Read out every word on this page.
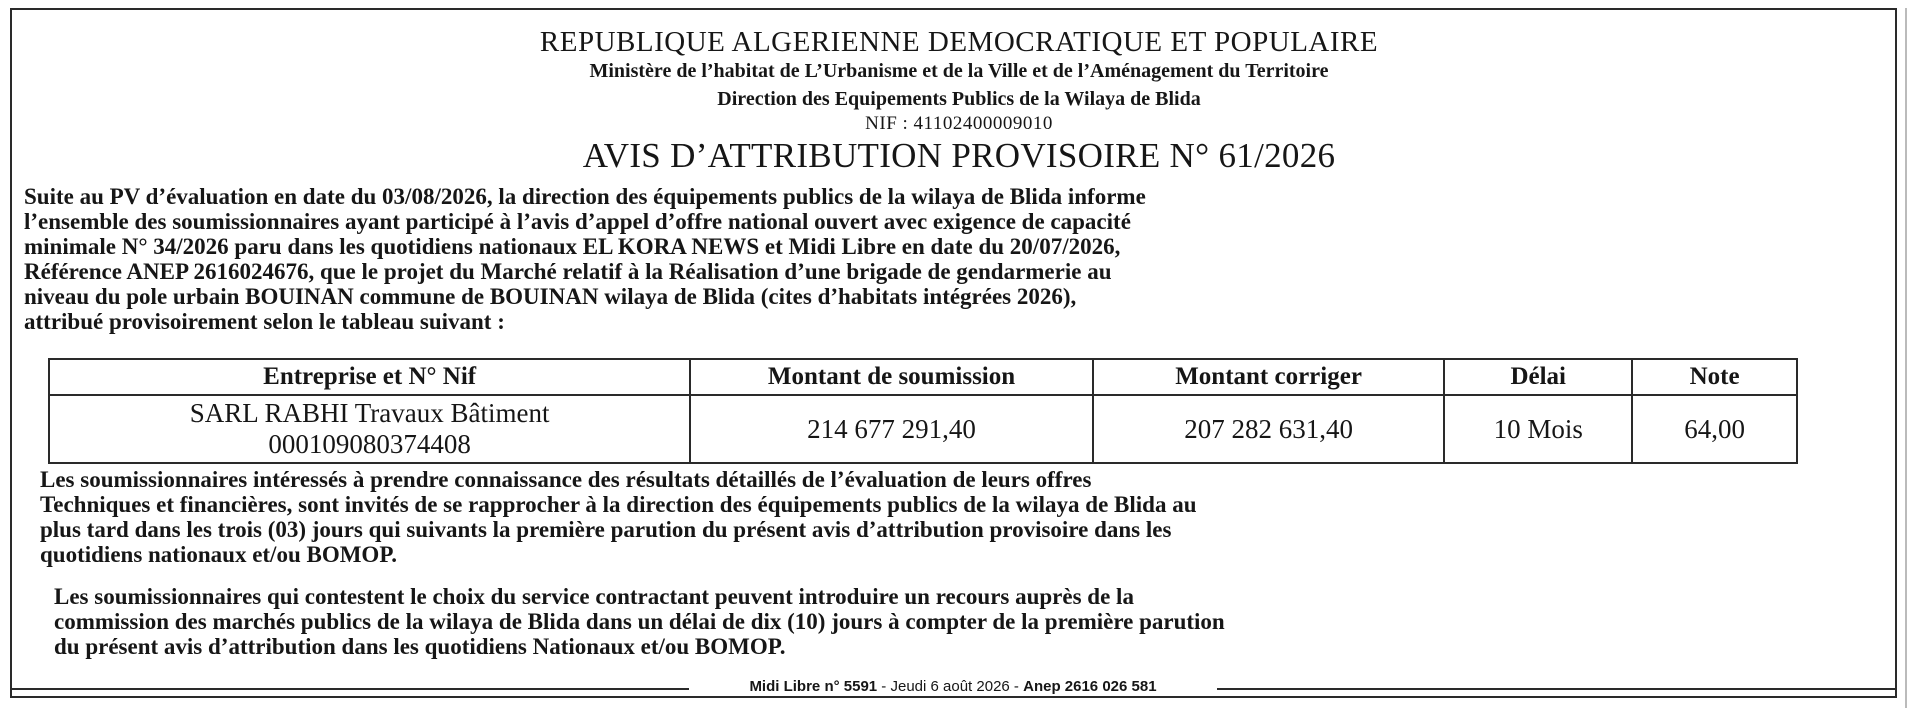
REPUBLIQUE ALGERIENNE DEMOCRATIQUE ET POPULAIRE
Ministère de l’habitat de L’Urbanisme et de la Ville et de l’Aménagement du Territoire
Direction des Equipements Publics de la Wilaya de Blida
NIF : 41102400009010
AVIS D’ATTRIBUTION PROVISOIRE N° 61/2026
Suite au PV d’évaluation en date du 03/08/2026, la direction des équipements publics de la wilaya de Blida informe
l’ensemble des soumissionnaires ayant participé à l’avis d’appel d’offre national ouvert avec exigence de capacité
minimale N° 34/2026 paru dans les quotidiens nationaux EL KORA NEWS et Midi Libre en date du 20/07/2026,
Référence ANEP 2616024676, que le projet du Marché relatif à la Réalisation d’une brigade de gendarmerie au
niveau du pole urbain BOUINAN commune de BOUINAN wilaya de Blida (cites d’habitats intégrées 2026),
attribué provisoirement selon le tableau suivant :
Entreprise et N° Nif	Montant de soumission	Montant corriger	Délai	Note

SARL RABHI Travaux Bâtiment
000109080374408	214 677 291,40	207 282 631,40	10 Mois	64,00
Les soumissionnaires intéressés à prendre connaissance des résultats détaillés de l’évaluation de leurs offres
Techniques et financières, sont invités de se rapprocher à la direction des équipements publics de la wilaya de Blida au
plus tard dans les trois (03) jours qui suivants la première parution du présent avis d’attribution provisoire dans les
quotidiens nationaux et/ou BOMOP.
Les soumissionnaires qui contestent le choix du service contractant peuvent introduire un recours auprès de la
commission des marchés publics de la wilaya de Blida dans un délai de dix (10) jours à compter de la première parution
du présent avis d’attribution dans les quotidiens Nationaux et/ou BOMOP.
Midi Libre n° 5591 - Jeudi 6 août 2026 - Anep 2616 026 581
